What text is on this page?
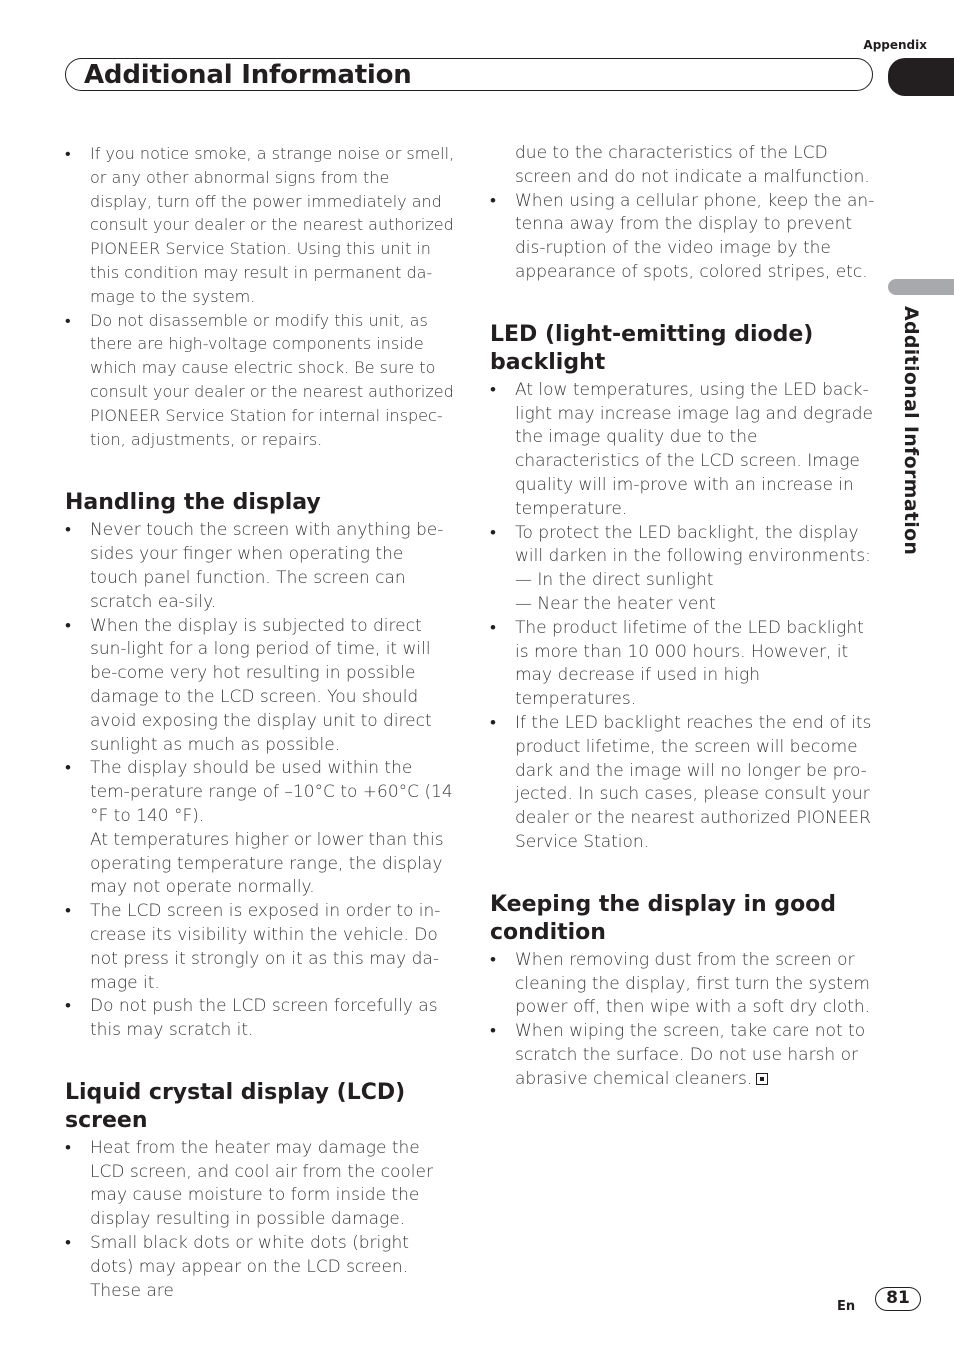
Appendix
Additional Information
Additional Information
• If you notice smoke, a strange noise or smell, or any other abnormal signs from the display, turn off the power immediately and consult your dealer or the nearest authorized PIONEER Service Station. Using this unit in this condition may result in permanent da-mage to the system.
• Do not disassemble or modify this unit, as there are high-voltage components inside which may cause electric shock. Be sure to consult your dealer or the nearest authorized PIONEER Service Station for internal inspec-tion, adjustments, or repairs.
Handling the display
• Never touch the screen with anything be-sides your finger when operating the touch panel function. The screen can scratch ea-sily.
• When the display is subjected to direct sun-light for a long period of time, it will be-come very hot resulting in possible damage to the LCD screen. You should avoid exposing the display unit to direct sunlight as much as possible.
• The display should be used within the tem-perature range of –10°C to +60°C (14 °F to 140 °F).
At temperatures higher or lower than this operating temperature range, the display may not operate normally.
• The LCD screen is exposed in order to in-crease its visibility within the vehicle. Do not press it strongly on it as this may da-mage it.
• Do not push the LCD screen forcefully as this may scratch it.
Liquid crystal display (LCD) screen
• Heat from the heater may damage the LCD screen, and cool air from the cooler may cause moisture to form inside the display resulting in possible damage.
• Small black dots or white dots (bright dots) may appear on the LCD screen. These are
due to the characteristics of the LCD screen and do not indicate a malfunction.
• When using a cellular phone, keep the an-tenna away from the display to prevent dis-ruption of the video image by the appearance of spots, colored stripes, etc.
LED (light-emitting diode) backlight
• At low temperatures, using the LED back-light may increase image lag and degrade the image quality due to the characteristics of the LCD screen. Image quality will im-prove with an increase in temperature.
• To protect the LED backlight, the display will darken in the following environments:
— In the direct sunlight
— Near the heater vent
• The product lifetime of the LED backlight is more than 10 000 hours. However, it may decrease if used in high temperatures.
• If the LED backlight reaches the end of its product lifetime, the screen will become dark and the image will no longer be pro-jected. In such cases, please consult your dealer or the nearest authorized PIONEER Service Station.
Keeping the display in good condition
• When removing dust from the screen or cleaning the display, first turn the system power off, then wipe with a soft dry cloth.
• When wiping the screen, take care not to scratch the surface. Do not use harsh or abrasive chemical cleaners.
En	81
